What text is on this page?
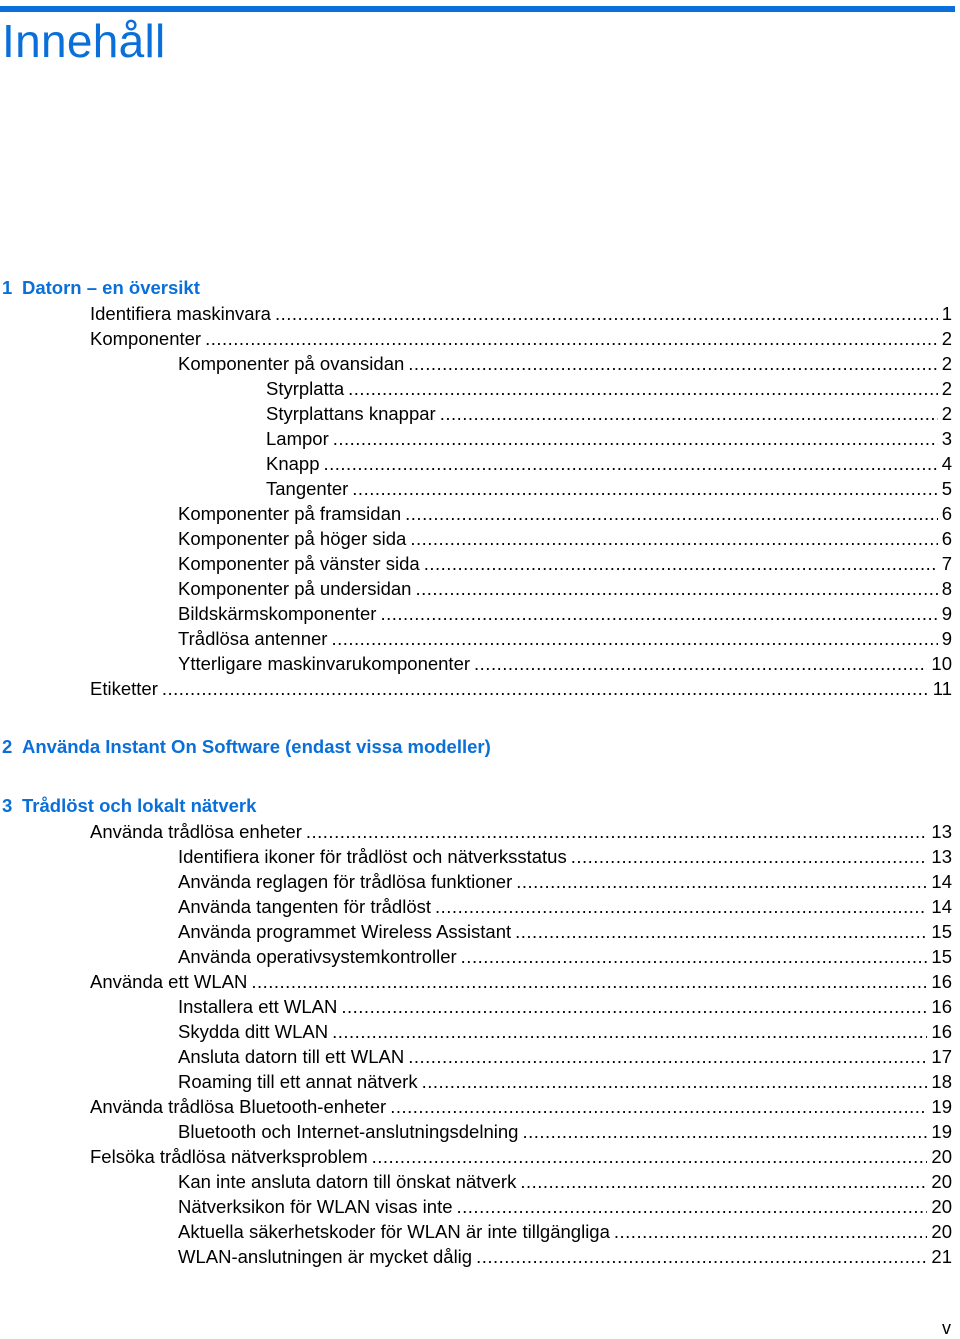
Innehåll
1 Datorn – en översikt
Identifiera maskinvara .....	1
Komponenter .....	2
Komponenter på ovansidan .....	2
Styrplatta .....	2
Styrplattans knappar .....	2
Lampor .....	3
Knapp .....	4
Tangenter .....	5
Komponenter på framsidan .....	6
Komponenter på höger sida .....	6
Komponenter på vänster sida .....	7
Komponenter på undersidan .....	8
Bildskärmskomponenter .....	9
Trådlösa antenner .....	9
Ytterligare maskinvarukomponenter .....	10
Etiketter .....	11
2 Använda Instant On Software (endast vissa modeller)
3 Trådlöst och lokalt nätverk
Använda trådlösa enheter .....	13
Identifiera ikoner för trådlöst och nätverksstatus .....	13
Använda reglagen för trådlösa funktioner .....	14
Använda tangenten för trådlöst .....	14
Använda programmet Wireless Assistant .....	15
Använda operativsystemkontroller .....	15
Använda ett WLAN .....	16
Installera ett WLAN .....	16
Skydda ditt WLAN .....	16
Ansluta datorn till ett WLAN .....	17
Roaming till ett annat nätverk .....	18
Använda trådlösa Bluetooth-enheter .....	19
Bluetooth och Internet-anslutningsdelning .....	19
Felsöka trådlösa nätverksproblem .....	20
Kan inte ansluta datorn till önskat nätverk .....	20
Nätverksikon för WLAN visas inte .....	20
Aktuella säkerhetskoder för WLAN är inte tillgängliga .....	20
WLAN-anslutningen är mycket dålig .....	21
v
